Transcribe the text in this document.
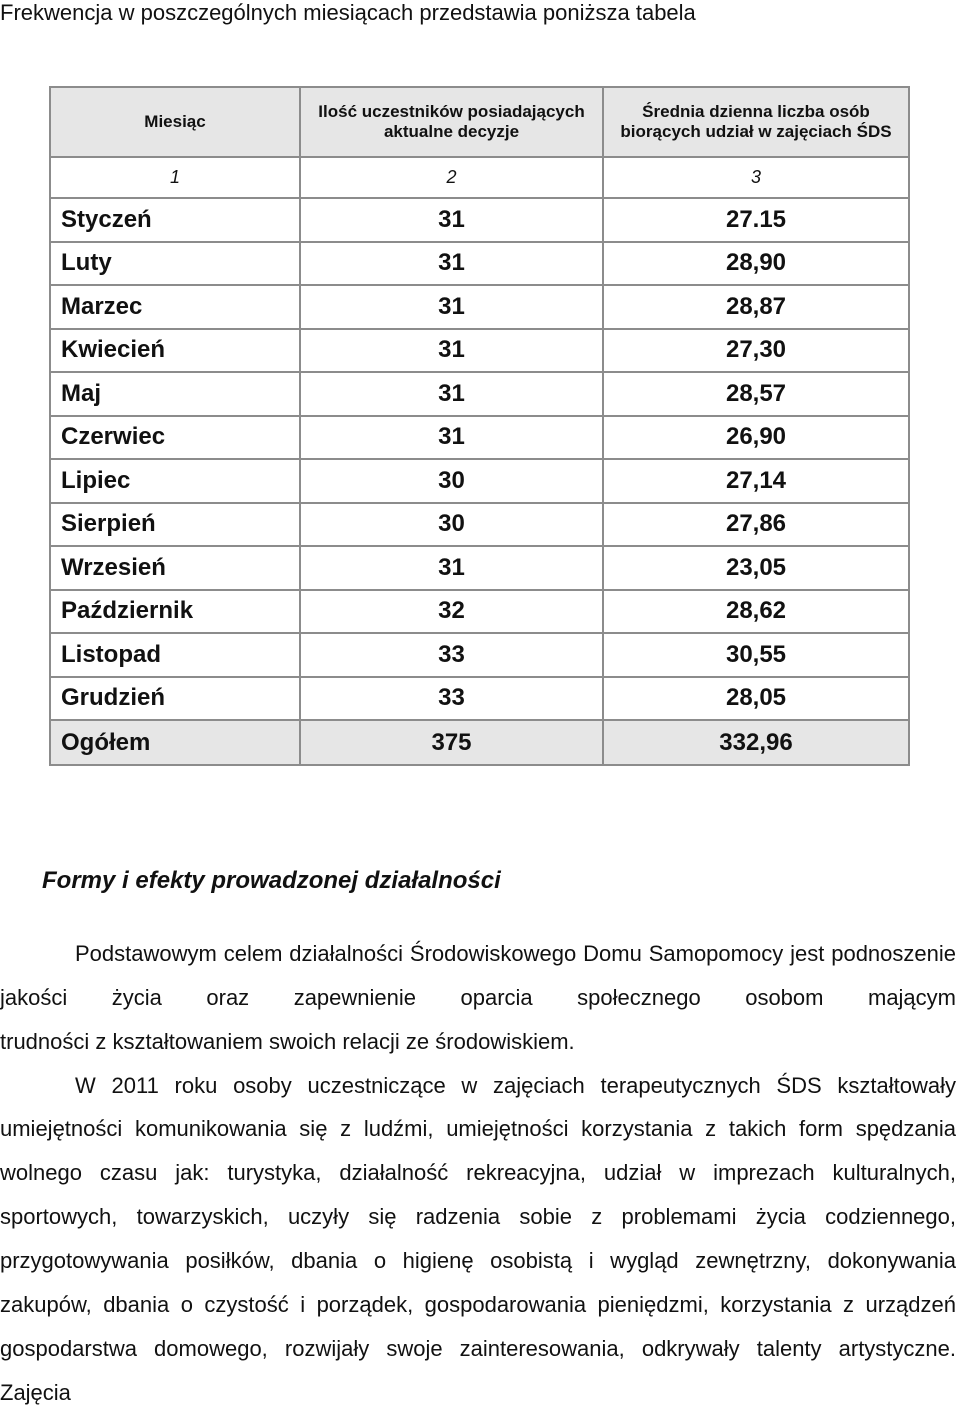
Frekwencja w poszczególnych miesiącach przedstawia poniższa tabela
Miesiąc	Ilość uczestników posiadających aktualne decyzje	Średnia dzienna liczba osób biorących udział w zajęciach ŚDS
1	2	3
Styczeń	31	27.15
Luty	31	28,90
Marzec	31	28,87
Kwiecień	31	27,30
Maj	31	28,57
Czerwiec	31	26,90
Lipiec	30	27,14
Sierpień	30	27,86
Wrzesień	31	23,05
Październik	32	28,62
Listopad	33	30,55
Grudzień	33	28,05
Ogółem	375	332,96
Formy i efekty prowadzonej działalności
Podstawowym celem działalności Środowiskowego Domu Samopomocy jest podnoszenie jakości życia oraz zapewnienie oparcia społecznego osobom mającym
trudności z kształtowaniem swoich relacji ze środowiskiem.
W 2011 roku osoby uczestniczące w zajęciach terapeutycznych ŚDS kształtowały umiejętności komunikowania się z ludźmi, umiejętności korzystania z takich form spędzania wolnego czasu jak: turystyka, działalność rekreacyjna, udział w imprezach kulturalnych, sportowych, towarzyskich, uczyły się radzenia sobie z problemami życia codziennego, przygotowywania posiłków, dbania o higienę osobistą i wygląd zewnętrzny, dokonywania zakupów, dbania o czystość i porządek, gospodarowania pieniędzmi, korzystania z urządzeń gospodarstwa domowego, rozwijały swoje zainteresowania, odkrywały talenty artystyczne. Zajęcia
